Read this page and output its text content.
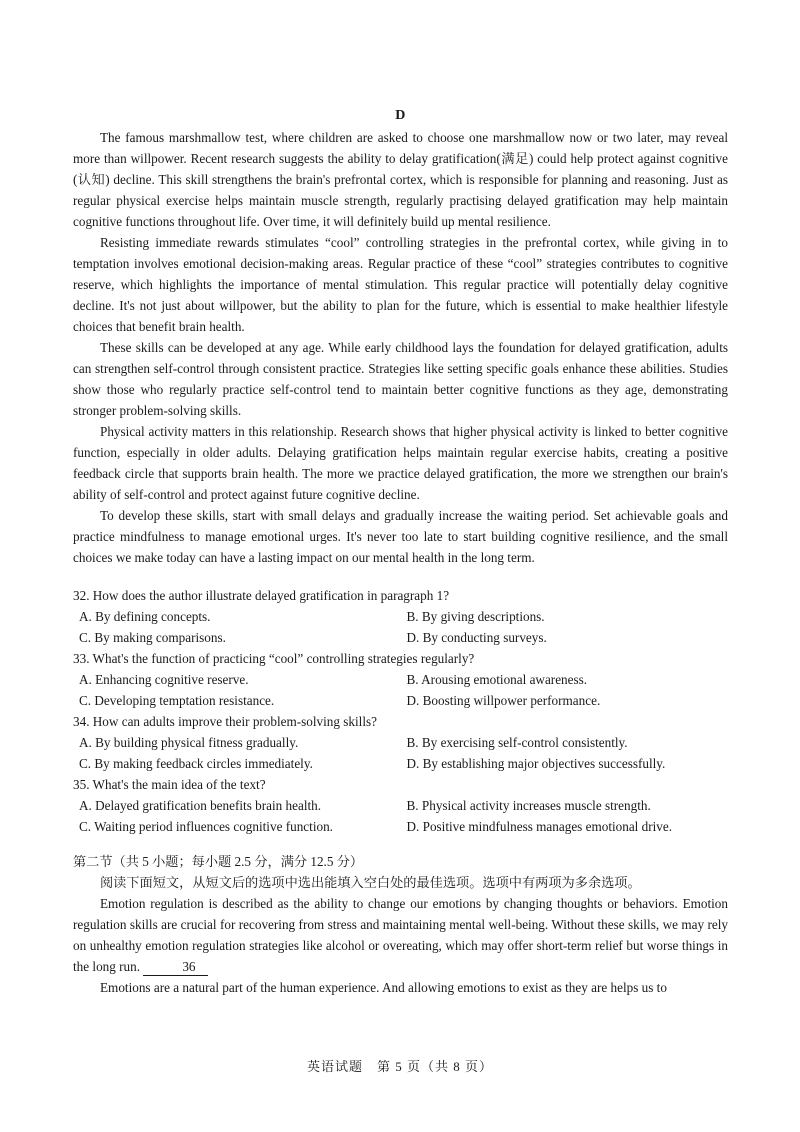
D

The famous marshmallow test, where children are asked to choose one marshmallow now or two later, may reveal more than willpower. Recent research suggests the ability to delay gratification(满足) could help protect against cognitive (认知) decline. This skill strengthens the brain's prefrontal cortex, which is responsible for planning and reasoning. Just as regular physical exercise helps maintain muscle strength, regularly practising delayed gratification may help maintain cognitive functions throughout life. Over time, it will definitely build up mental resilience.

Resisting immediate rewards stimulates “cool” controlling strategies in the prefrontal cortex, while giving in to temptation involves emotional decision-making areas. Regular practice of these “cool” strategies contributes to cognitive reserve, which highlights the importance of mental stimulation. This regular practice will potentially delay cognitive decline. It's not just about willpower, but the ability to plan for the future, which is essential to make healthier lifestyle choices that benefit brain health.

These skills can be developed at any age. While early childhood lays the foundation for delayed gratification, adults can strengthen self-control through consistent practice. Strategies like setting specific goals enhance these abilities. Studies show those who regularly practice self-control tend to maintain better cognitive functions as they age, demonstrating stronger problem-solving skills.

Physical activity matters in this relationship. Research shows that higher physical activity is linked to better cognitive function, especially in older adults. Delaying gratification helps maintain regular exercise habits, creating a positive feedback circle that supports brain health. The more we practice delayed gratification, the more we strengthen our brain's ability of self-control and protect against future cognitive decline.

To develop these skills, start with small delays and gradually increase the waiting period. Set achievable goals and practice mindfulness to manage emotional urges. It's never too late to start building cognitive resilience, and the small choices we make today can have a lasting impact on our mental health in the long term.

32. How does the author illustrate delayed gratification in paragraph 1?

A. By defining concepts.	B. By giving descriptions.
C. By making comparisons.	D. By conducting surveys.

33. What's the function of practicing “cool” controlling strategies regularly?

A. Enhancing cognitive reserve.	B. Arousing emotional awareness.
C. Developing temptation resistance.	D. Boosting willpower performance.

34. How can adults improve their problem-solving skills?

A. By building physical fitness gradually.	B. By exercising self-control consistently.
C. By making feedback circles immediately.	D. By establishing major objectives successfully.

35. What's the main idea of the text?

A. Delayed gratification benefits brain health.	B. Physical activity increases muscle strength.
C. Waiting period influences cognitive function.	D. Positive mindfulness manages emotional drive.

第二节（共 5 小题；每小题 2.5 分，满分 12.5 分）

阅读下面短文，从短文后的选项中选出能填入空白处的最佳选项。选项中有两项为多余选项。

Emotion regulation is described as the ability to change our emotions by changing thoughts or behaviors. Emotion regulation skills are crucial for recovering from stress and maintaining mental well-being. Without these skills, we may rely on unhealthy emotion regulation strategies like alcohol or overeating, which may offer short-term relief but worse things in the long run.	36

Emotions are a natural part of the human experience. And allowing emotions to exist as they are helps us to

英语试题　第 5 页（共 8 页）
